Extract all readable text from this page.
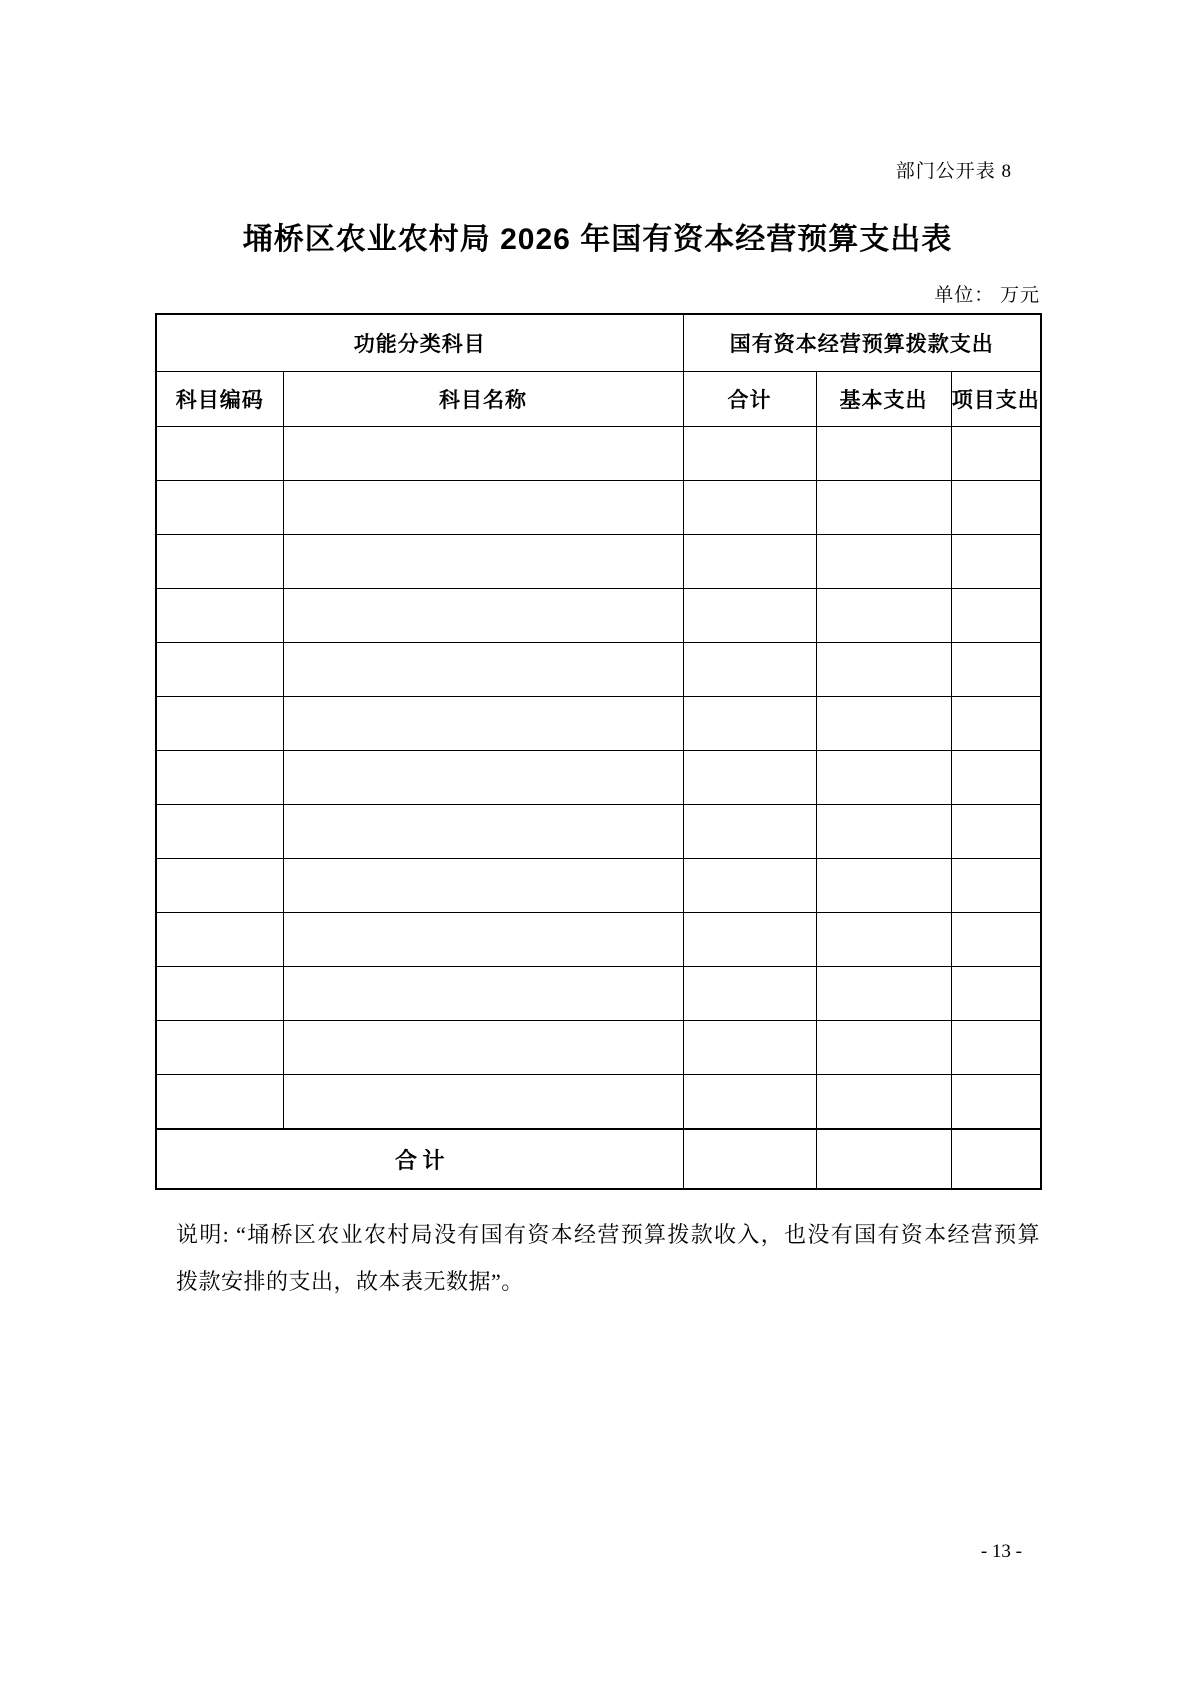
部门公开表 8
埇桥区农业农村局 2026 年国有资本经营预算支出表
单位： 万元
功能分类科目		国有资本经营预算拨款支出		
科目编码	科目名称	合计	基本支出	项目支出

合 计				
说明: “埇桥区农业农村局没有国有资本经营预算拨款收入，也没有国有资本经营预算
拨款安排的支出，故本表无数据”。
- 13 -
